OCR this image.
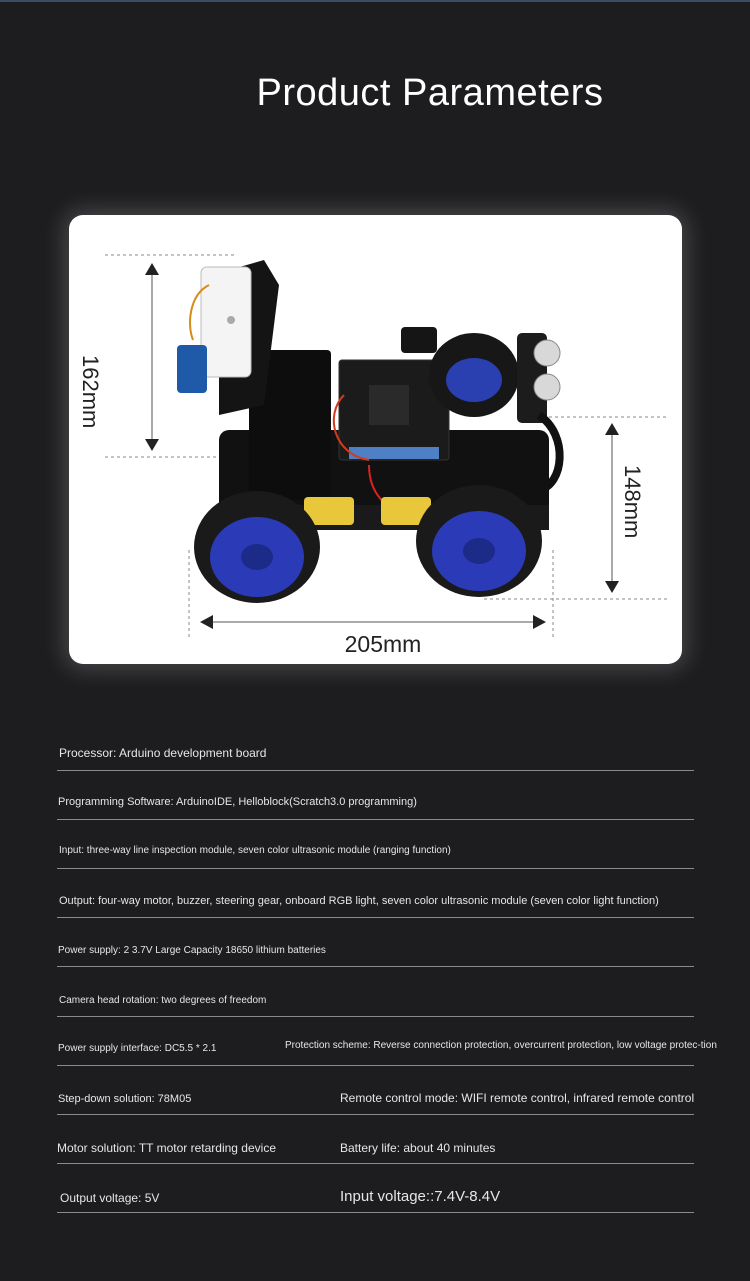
Product Parameters
162mm
148mm
205mm
Processor: Arduino development board
Programming Software: ArduinoIDE, Helloblock(Scratch3.0 programming)
Input: three-way line inspection module, seven color ultrasonic module (ranging function)
Output: four-way motor, buzzer, steering gear, onboard RGB light, seven color ultrasonic module (seven color light function)
Power supply: 2 3.7V Large Capacity 18650 lithium batteries
Camera head rotation: two degrees of freedom
Power supply interface: DC5.5 * 2.1	Protection scheme: Reverse connection protection, overcurrent protection, low voltage protec-tion
Step-down solution: 78M05	Remote control mode: WIFI remote control, infrared remote control
Motor solution: TT motor retarding device	Battery life: about 40 minutes
Output voltage: 5V	Input voltage::7.4V-8.4V
